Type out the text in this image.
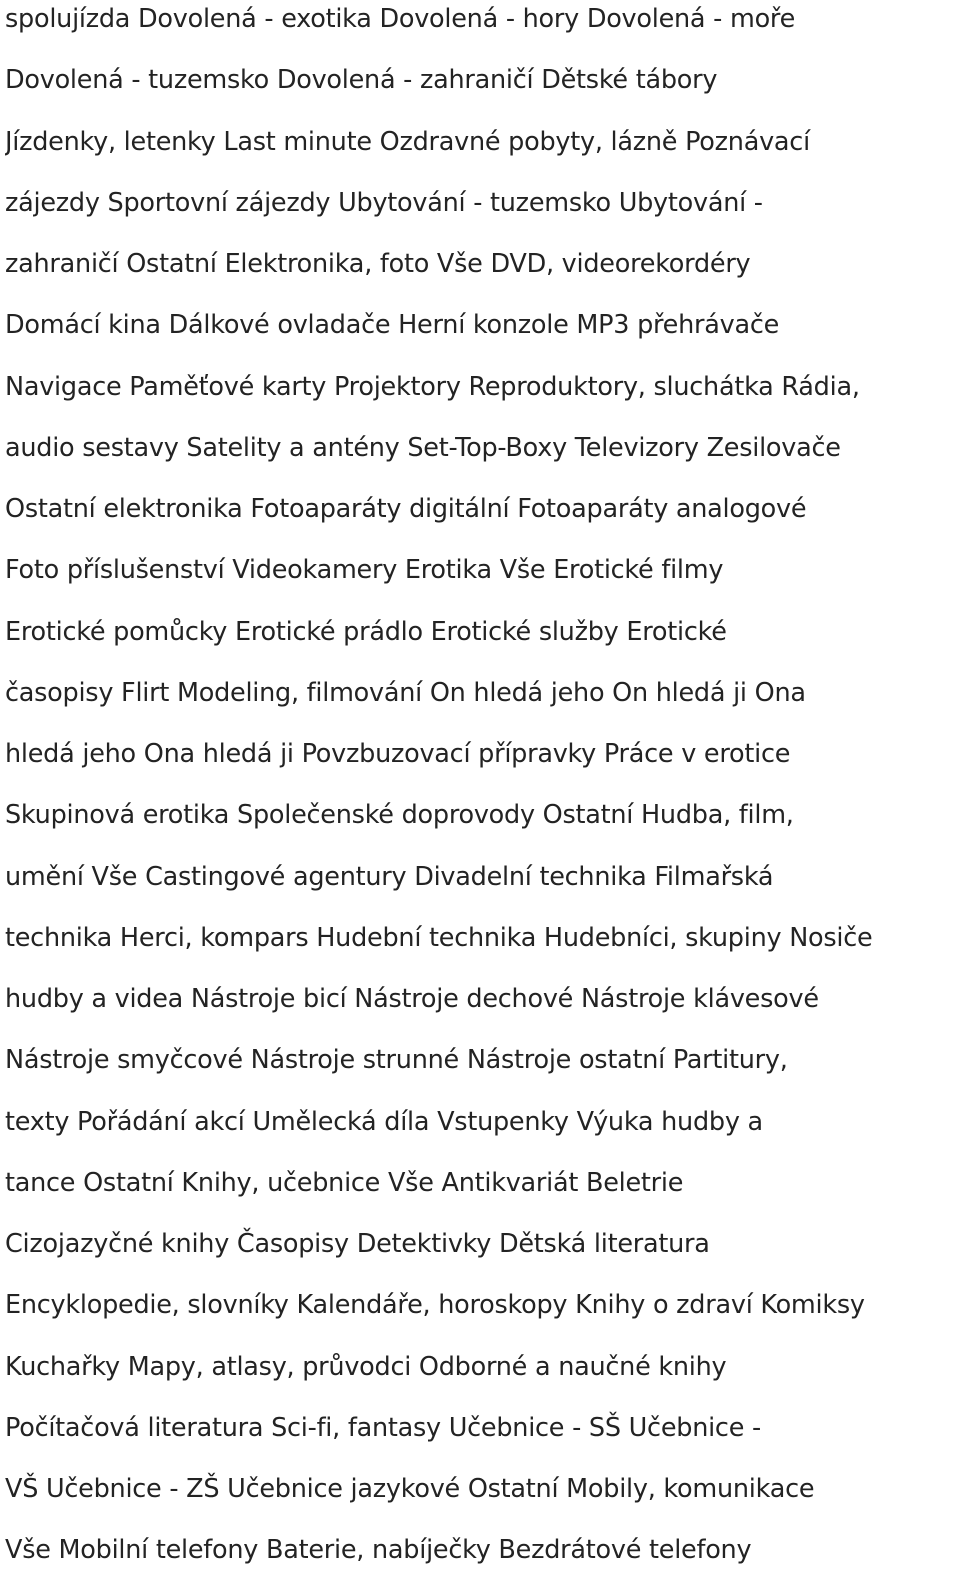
spolujízda Dovolená - exotika Dovolená - hory Dovolená - moře
Dovolená - tuzemsko Dovolená - zahraničí Dětské tábory
Jízdenky, letenky Last minute Ozdravné pobyty, lázně Poznávací
zájezdy Sportovní zájezdy Ubytování - tuzemsko Ubytování -
zahraničí Ostatní Elektronika, foto Vše DVD, videorekordéry
Domácí kina Dálkové ovladače Herní konzole MP3 přehrávače
Navigace Paměťové karty Projektory Reproduktory, sluchátka Rádia,
audio sestavy Satelity a antény Set-Top-Boxy Televizory Zesilovače
Ostatní elektronika Fotoaparáty digitální Fotoaparáty analogové
Foto příslušenství Videokamery Erotika Vše Erotické filmy
Erotické pomůcky Erotické prádlo Erotické služby Erotické
časopisy Flirt Modeling, filmování On hledá jeho On hledá ji Ona
hledá jeho Ona hledá ji Povzbuzovací přípravky Práce v erotice
Skupinová erotika Společenské doprovody Ostatní Hudba, film,
umění Vše Castingové agentury Divadelní technika Filmařská
technika Herci, kompars Hudební technika Hudebníci, skupiny Nosiče
hudby a videa Nástroje bicí Nástroje dechové Nástroje klávesové
Nástroje smyčcové Nástroje strunné Nástroje ostatní Partitury,
texty Pořádání akcí Umělecká díla Vstupenky Výuka hudby a
tance Ostatní Knihy, učebnice Vše Antikvariát Beletrie
Cizojazyčné knihy Časopisy Detektivky Dětská literatura
Encyklopedie, slovníky Kalendáře, horoskopy Knihy o zdraví Komiksy
Kuchařky Mapy, atlasy, průvodci Odborné a naučné knihy
Počítačová literatura Sci-fi, fantasy Učebnice - SŠ Učebnice -
VŠ Učebnice - ZŠ Učebnice jazykové Ostatní Mobily, komunikace
Vše Mobilní telefony Baterie, nabíječky Bezdrátové telefony
